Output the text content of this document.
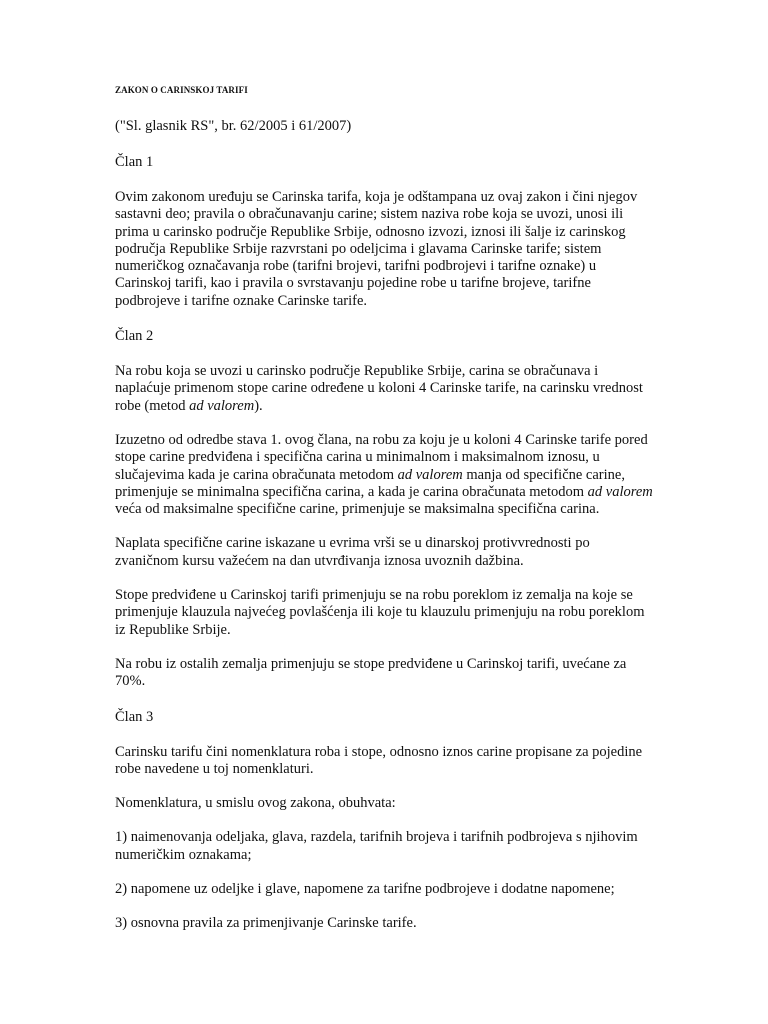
ZAKON O CARINSKOJ TARIFI
("Sl. glasnik RS", br. 62/2005 i 61/2007)
Član 1
Ovim zakonom uređuju se Carinska tarifa, koja je odštampana uz ovaj zakon i čini njegov sastavni deo; pravila o obračunavanju carine; sistem naziva robe koja se uvozi, unosi ili prima u carinsko područje Republike Srbije, odnosno izvozi, iznosi ili šalje iz carinskog područja Republike Srbije razvrstani po odeljcima i glavama Carinske tarife; sistem numeričkog označavanja robe (tarifni brojevi, tarifni podbrojevi i tarifne oznake) u Carinskoj tarifi, kao i pravila o svrstavanju pojedine robe u tarifne brojeve, tarifne podbrojeve i tarifne oznake Carinske tarife.
Član 2
Na robu koja se uvozi u carinsko područje Republike Srbije, carina se obračunava i naplaćuje primenom stope carine određene u koloni 4 Carinske tarife, na carinsku vrednost robe (metod ad valorem).
Izuzetno od odredbe stava 1. ovog člana, na robu za koju je u koloni 4 Carinske tarife pored stope carine predviđena i specifična carina u minimalnom i maksimalnom iznosu, u slučajevima kada je carina obračunata metodom ad valorem manja od specifične carine, primenjuje se minimalna specifična carina, a kada je carina obračunata metodom ad valorem veća od maksimalne specifične carine, primenjuje se maksimalna specifična carina.
Naplata specifične carine iskazane u evrima vrši se u dinarskoj protivvrednosti po zvaničnom kursu važećem na dan utvrđivanja iznosa uvoznih dažbina.
Stope predviđene u Carinskoj tarifi primenjuju se na robu poreklom iz zemalja na koje se primenjuje klauzula najvećeg povlašćenja ili koje tu klauzulu primenjuju na robu poreklom iz Republike Srbije.
Na robu iz ostalih zemalja primenjuju se stope predviđene u Carinskoj tarifi, uvećane za 70%.
Član 3
Carinsku tarifu čini nomenklatura roba i stope, odnosno iznos carine propisane za pojedine robe navedene u toj nomenklaturi.
Nomenklatura, u smislu ovog zakona, obuhvata:
1) naimenovanja odeljaka, glava, razdela, tarifnih brojeva i tarifnih podbrojeva s njihovim numeričkim oznakama;
2) napomene uz odeljke i glave, napomene za tarifne podbrojeve i dodatne napomene;
3) osnovna pravila za primenjivanje Carinske tarife.
